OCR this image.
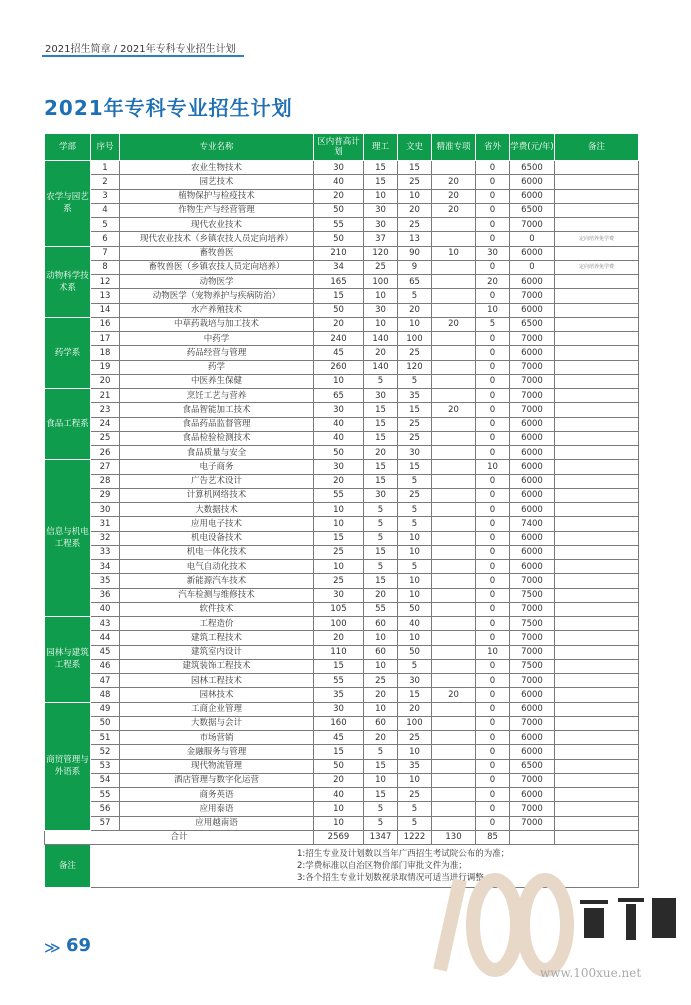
2021招生简章 / 2021年专科专业招生计划
2021年专科专业招生计划
学部	序号	专业名称	区内普高计划	理工	文史	精准专项	省外	学费(元/年)	备注
农学与园艺系	1	农业生物技术	30	15	15		0	6500	
	2	园艺技术	40	15	25	20	0	6000	
	3	植物保护与检疫技术	20	10	10	20	0	6000	
	4	作物生产与经营管理	50	30	20	20	0	6500	
	5	现代农业技术	55	30	25		0	7000	
	6	现代农业技术（乡镇农技人员定向培养）	50	37	13		0	0	定向培养免学费
动物科学技术系	7	畜牧兽医	210	120	90	10	30	6000	
	8	畜牧兽医（乡镇农技人员定向培养）	34	25	9		0	0	定向培养免学费
	12	动物医学	165	100	65		20	6000	
	13	动物医学（宠物养护与疾病防治）	15	10	5		0	7000	
	14	水产养殖技术	50	30	20		10	6000	
药学系	16	中草药栽培与加工技术	20	10	10	20	5	6500	
	17	中药学	240	140	100		0	7000	
	18	药品经营与管理	45	20	25		0	6000	
	19	药学	260	140	120		0	7000	
	20	中医养生保健	10	5	5		0	7000	
食品工程系	21	烹饪工艺与营养	65	30	35		0	7000	
	23	食品智能加工技术	30	15	15	20	0	7000	
	24	食品药品监督管理	40	15	25		0	6000	
	25	食品检验检测技术	40	15	25		0	6000	
	26	食品质量与安全	50	20	30		0	6000	
信息与机电工程系	27	电子商务	30	15	15		10	6000	
	28	广告艺术设计	20	15	5		0	6000	
	29	计算机网络技术	55	30	25		0	6000	
	30	大数据技术	10	5	5		0	6000	
	31	应用电子技术	10	5	5		0	7400	
	32	机电设备技术	15	5	10		0	6000	
	33	机电一体化技术	25	15	10		0	6000	
	34	电气自动化技术	10	5	5		0	6000	
	35	新能源汽车技术	25	15	10		0	7000	
	36	汽车检测与维修技术	30	20	10		0	7500	
	40	软件技术	105	55	50		0	7000	
园林与建筑工程系	43	工程造价	100	60	40		0	7500	
	44	建筑工程技术	20	10	10		0	7000	
	45	建筑室内设计	110	60	50		10	7000	
	46	建筑装饰工程技术	15	10	5		0	7500	
	47	园林工程技术	55	25	30		0	7000	
	48	园林技术	35	20	15	20	0	6000	
商贸管理与外语系	49	工商企业管理	30	10	20		0	6000	
	50	大数据与会计	160	60	100		0	7000	
	51	市场营销	45	20	25		0	6000	
	52	金融服务与管理	15	5	10		0	6000	
	53	现代物流管理	50	15	35		0	6500	
	54	酒店管理与数字化运营	20	10	10		0	7000	
	55	商务英语	40	15	25		0	6000	
	56	应用泰语	10	5	5		0	7000	
	57	应用越南语	10	5	5		0	7000	
合计			2569	1347	1222	130	85		
备注	1:招生专业及计划数以当年广西招生考试院公布的为准；
2:学费标准以自治区物价部门审批文件为准；
3:各个招生专业计划数视录取情况可适当进行调整。								
≫ 69
www.100xue.net
